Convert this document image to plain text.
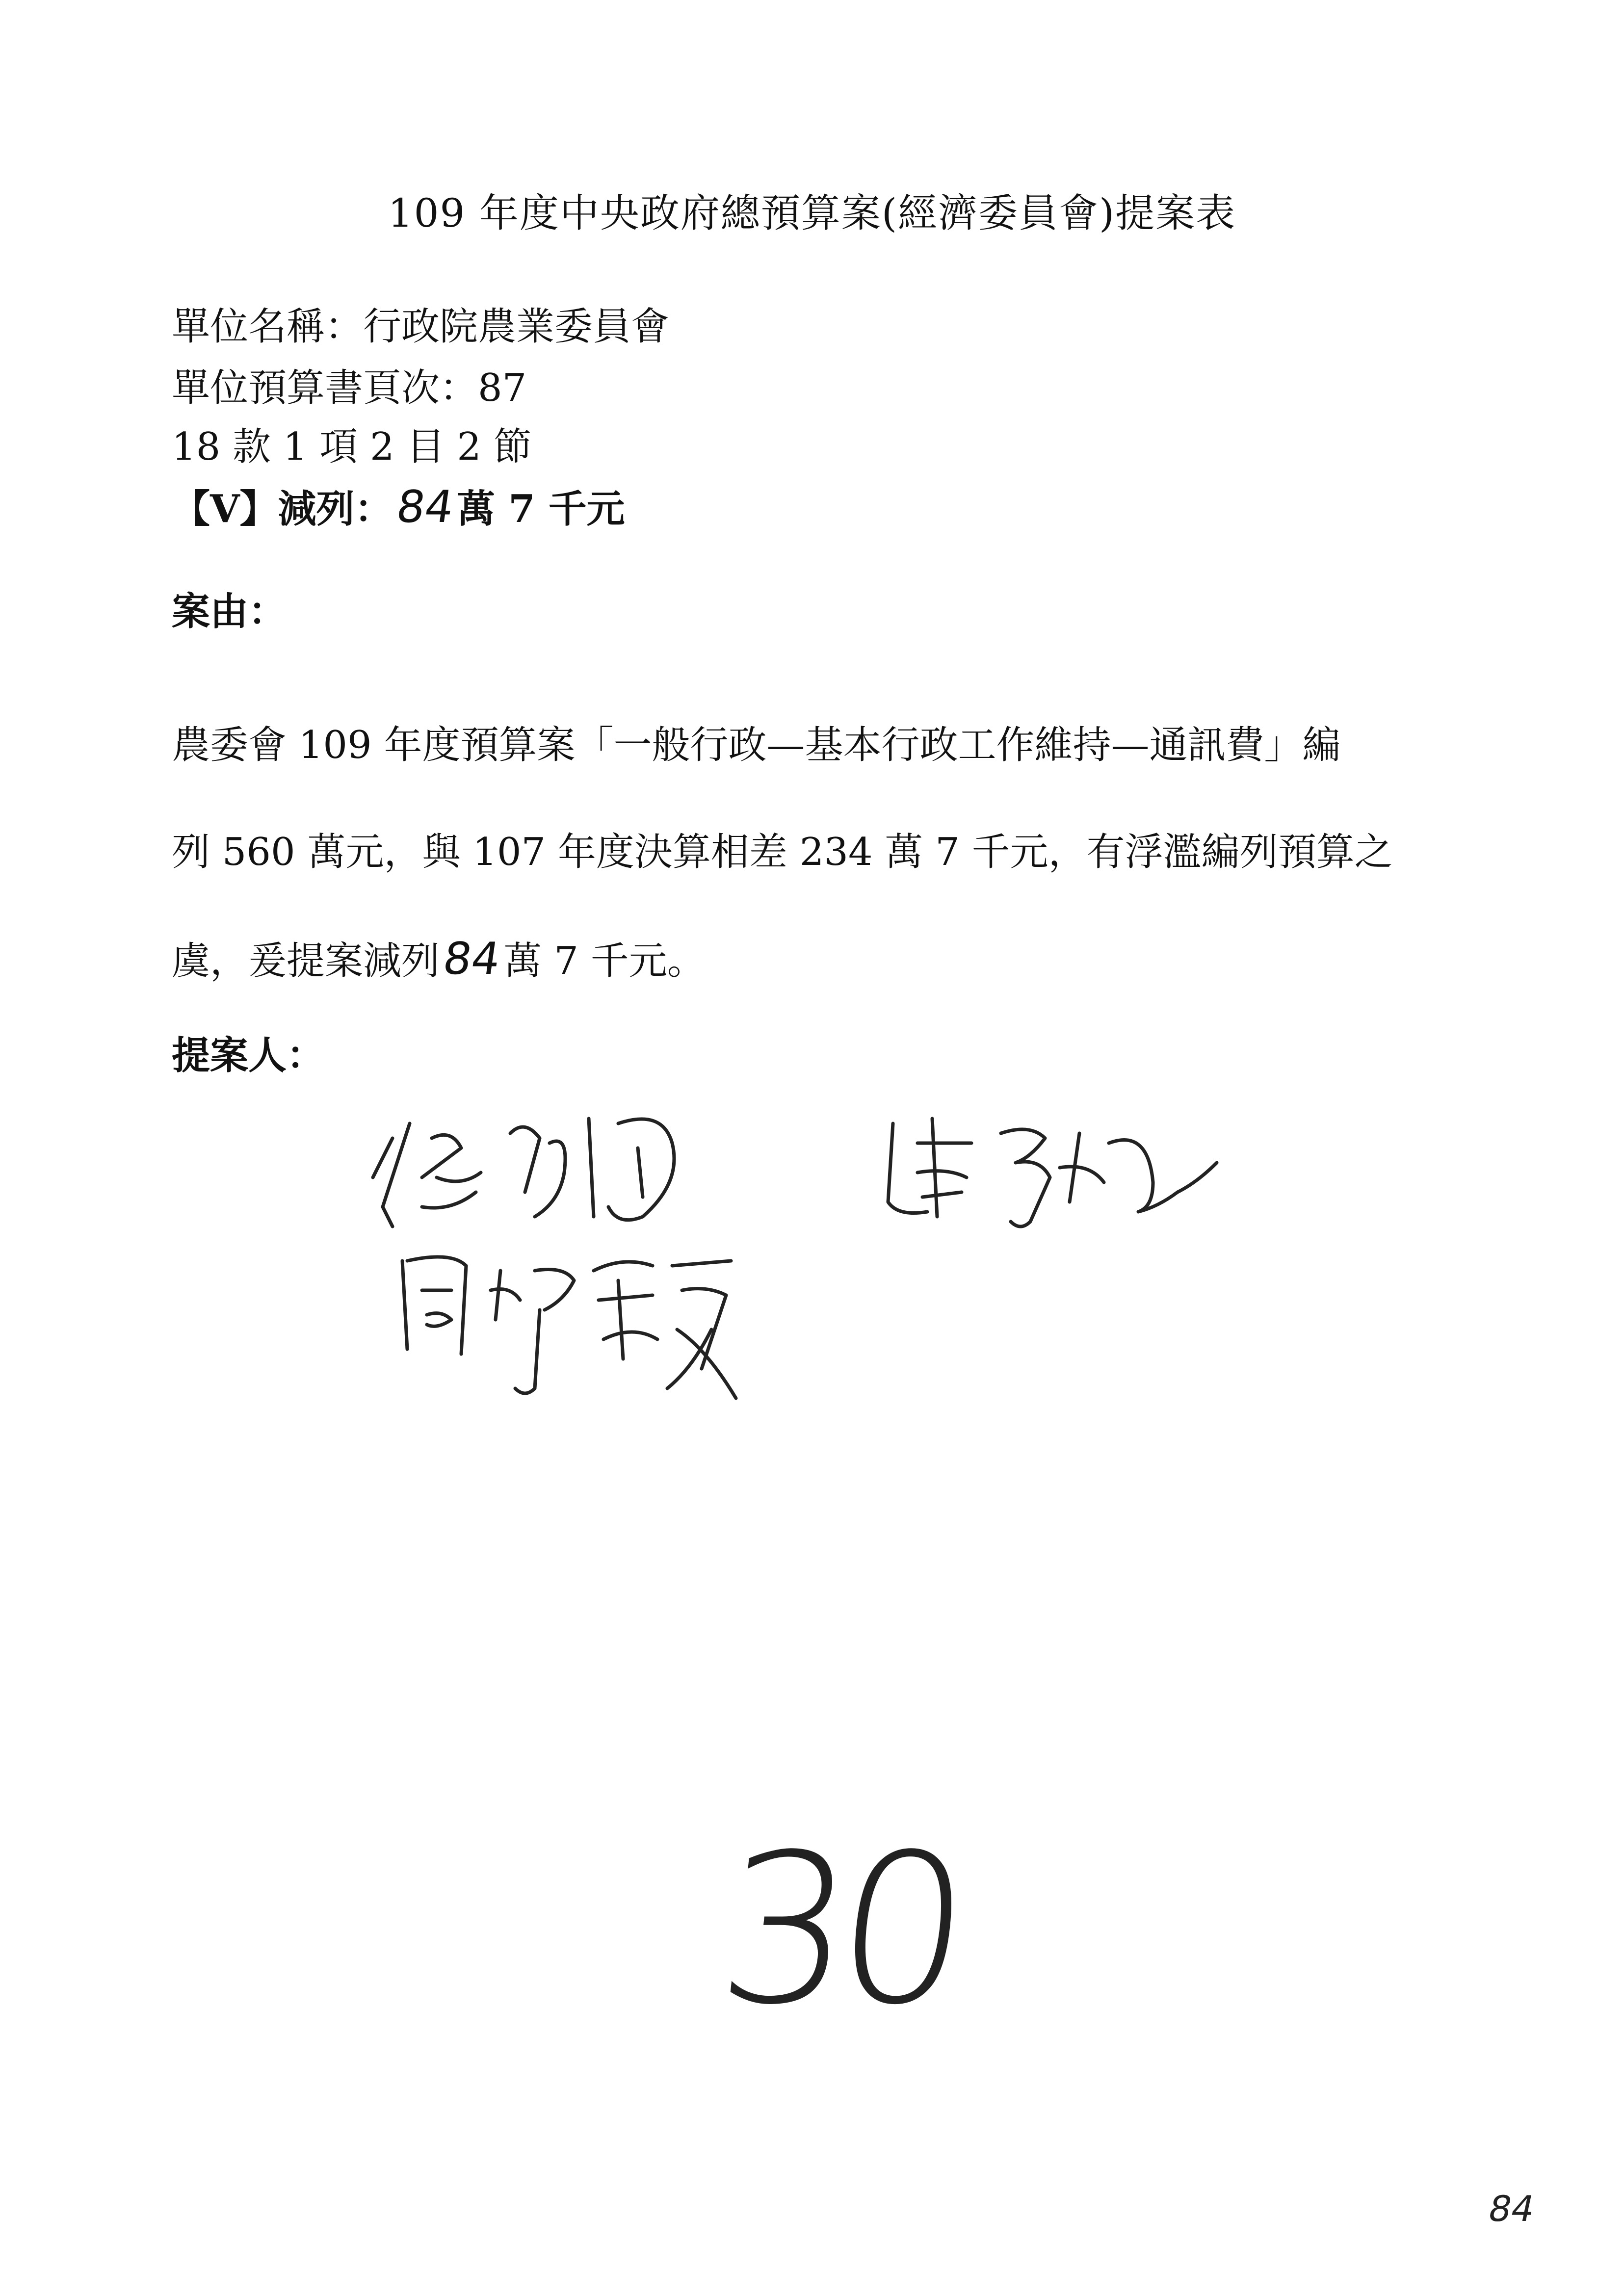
109 年度中央政府總預算案(經濟委員會)提案表
單位名稱：行政院農業委員會
單位預算書頁次：87
18 款 1 項 2 目 2 節
【V】減列：84萬 7 千元
案由：
農委會 109 年度預算案「一般行政—基本行政工作維持—通訊費」編
列 560 萬元，與 107 年度決算相差 234 萬 7 千元，有浮濫編列預算之
虞，爰提案減列84萬 7 千元。
提案人：
30
84
